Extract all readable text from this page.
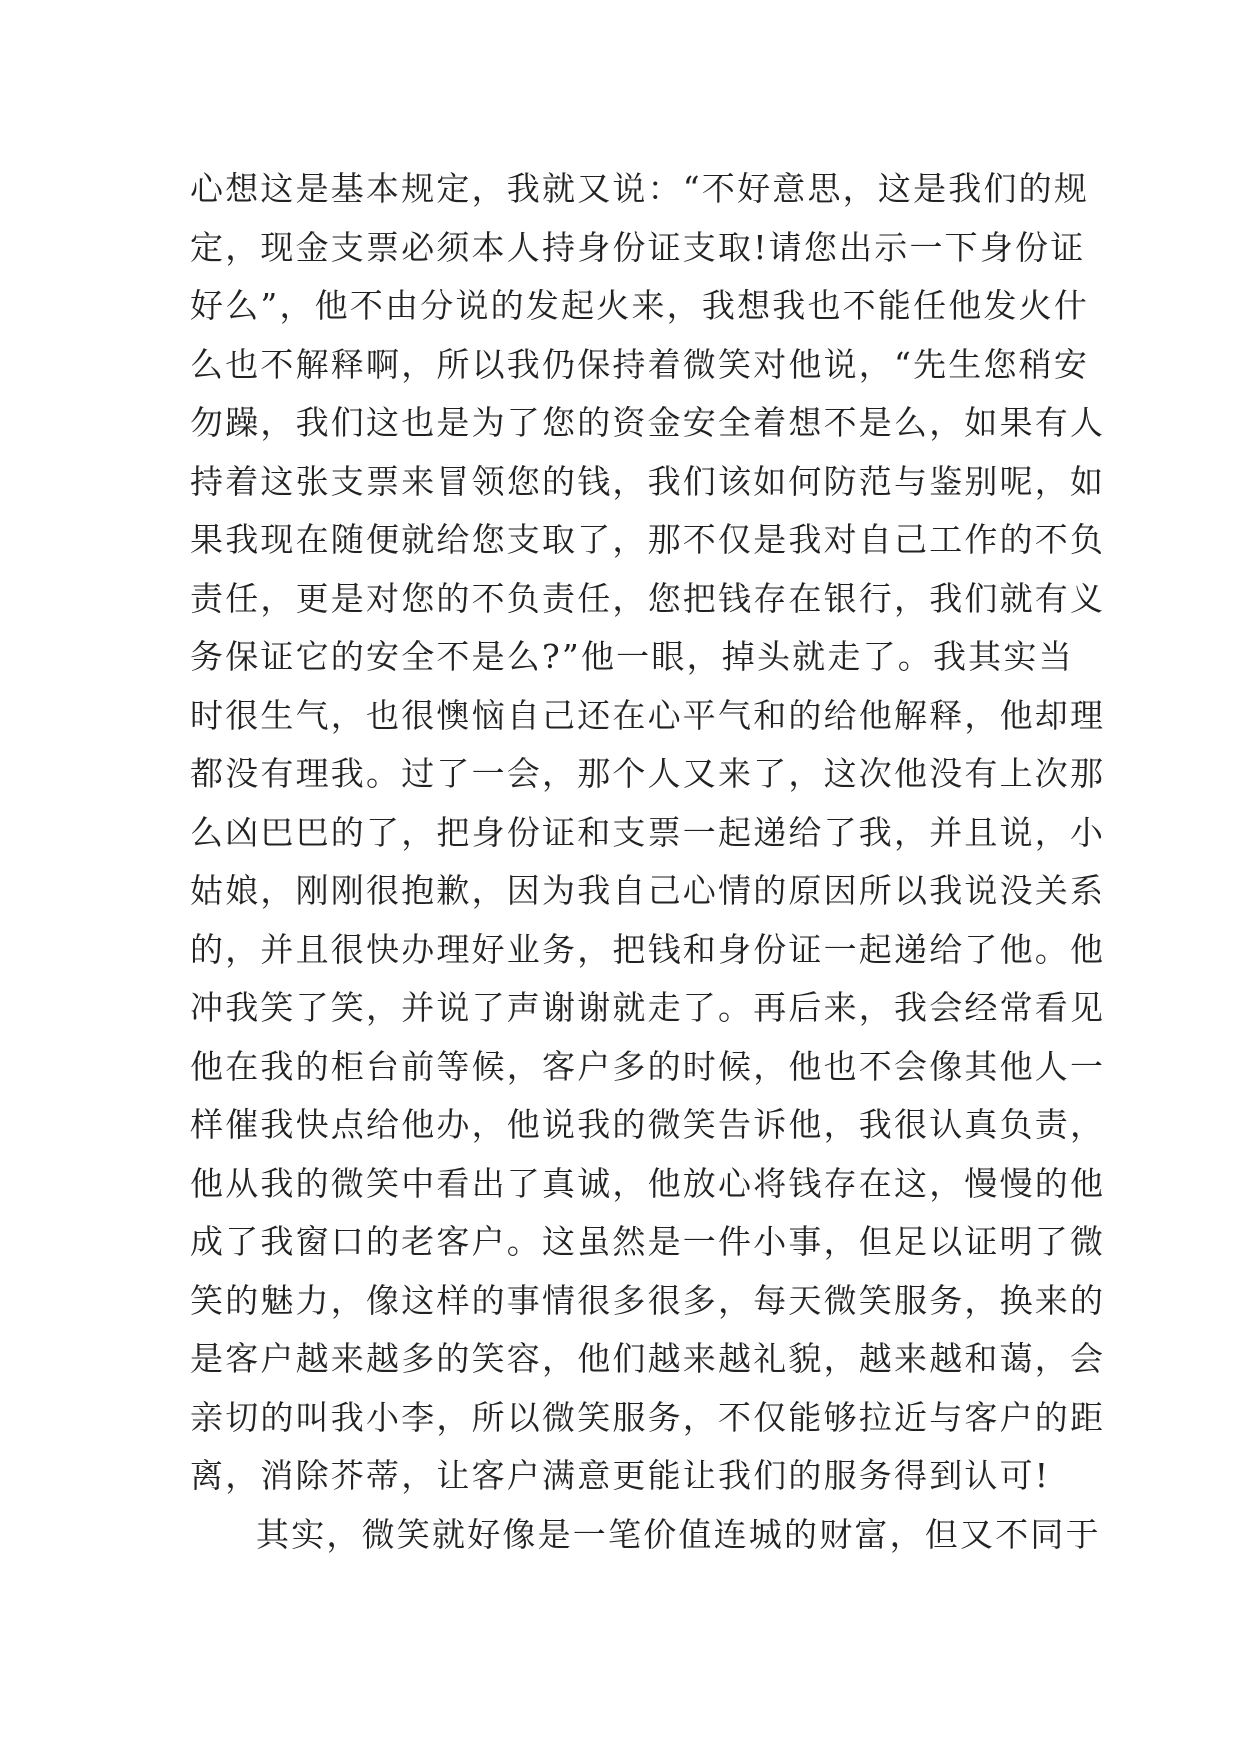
心想这是基本规定，我就又说：“不好意思，这是我们的规
定，现金支票必须本人持身份证支取!请您出示一下身份证
好么”，他不由分说的发起火来，我想我也不能任他发火什
么也不解释啊，所以我仍保持着微笑对他说，“先生您稍安
勿躁，我们这也是为了您的资金安全着想不是么，如果有人
持着这张支票来冒领您的钱，我们该如何防范与鉴别呢，如
果我现在随便就给您支取了，那不仅是我对自己工作的不负
责任，更是对您的不负责任，您把钱存在银行，我们就有义
务保证它的安全不是么?”他一眼，掉头就走了。我其实当
时很生气，也很懊恼自己还在心平气和的给他解释，他却理
都没有理我。过了一会，那个人又来了，这次他没有上次那
么凶巴巴的了，把身份证和支票一起递给了我，并且说，小
姑娘，刚刚很抱歉，因为我自己心情的原因所以我说没关系
的，并且很快办理好业务，把钱和身份证一起递给了他。他
冲我笑了笑，并说了声谢谢就走了。再后来，我会经常看见
他在我的柜台前等候，客户多的时候，他也不会像其他人一
样催我快点给他办，他说我的微笑告诉他，我很认真负责，
他从我的微笑中看出了真诚，他放心将钱存在这，慢慢的他
成了我窗口的老客户。这虽然是一件小事，但足以证明了微
笑的魅力，像这样的事情很多很多，每天微笑服务，换来的
是客户越来越多的笑容，他们越来越礼貌，越来越和蔼，会
亲切的叫我小李，所以微笑服务，不仅能够拉近与客户的距
离，消除芥蒂，让客户满意更能让我们的服务得到认可!
其实，微笑就好像是一笔价值连城的财富，但又不同于
